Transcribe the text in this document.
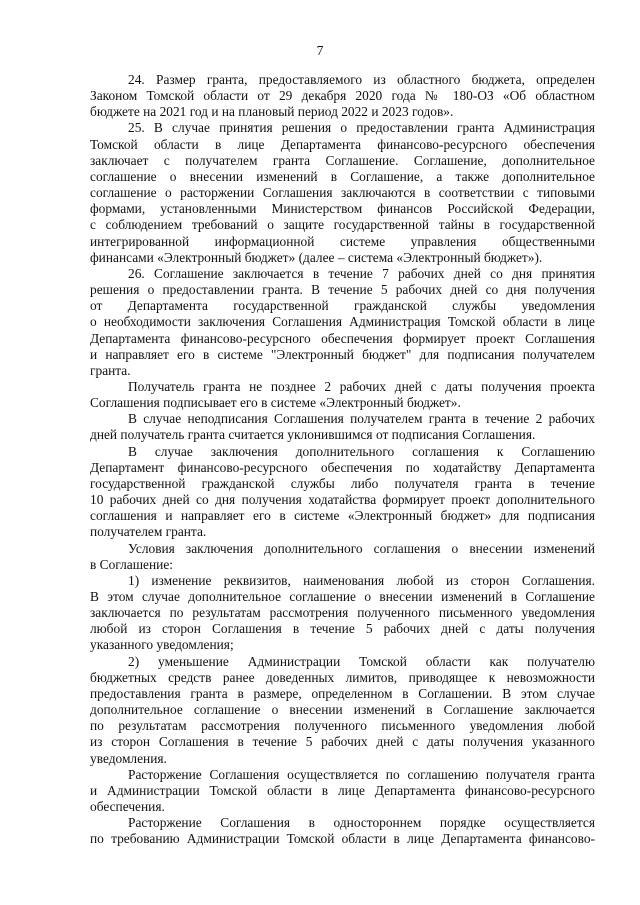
7
24. Размер гранта, предоставляемого из областного бюджета, определен
Законом Томской области от 29 декабря 2020 года № 180-ОЗ «Об областном
бюджете на 2021 год и на плановый период 2022 и 2023 годов».
25. В случае принятия решения о предоставлении гранта Администрация
Томской области в лице Департамента финансово-ресурсного обеспечения
заключает с получателем гранта Соглашение. Соглашение, дополнительное
соглашение о внесении изменений в Соглашение, а также дополнительное
соглашение о расторжении Соглашения заключаются в соответствии с типовыми
формами, установленными Министерством финансов Российской Федерации,
с соблюдением требований о защите государственной тайны в государственной
интегрированной информационной системе управления общественными
финансами «Электронный бюджет» (далее – система «Электронный бюджет»).
26. Соглашение заключается в течение 7 рабочих дней со дня принятия
решения о предоставлении гранта. В течение 5 рабочих дней со дня получения
от Департамента государственной гражданской службы уведомления
о необходимости заключения Соглашения Администрация Томской области в лице
Департамента финансово-ресурсного обеспечения формирует проект Соглашения
и направляет его в системе "Электронный бюджет" для подписания получателем
гранта.
Получатель гранта не позднее 2 рабочих дней с даты получения проекта
Соглашения подписывает его в системе «Электронный бюджет».
В случае неподписания Соглашения получателем гранта в течение 2 рабочих
дней получатель гранта считается уклонившимся от подписания Соглашения.
В случае заключения дополнительного соглашения к Соглашению
Департамент финансово-ресурсного обеспечения по ходатайству Департамента
государственной гражданской службы либо получателя гранта в течение
10 рабочих дней со дня получения ходатайства формирует проект дополнительного
соглашения и направляет его в системе «Электронный бюджет» для подписания
получателем гранта.
Условия заключения дополнительного соглашения о внесении изменений
в Соглашение:
1) изменение реквизитов, наименования любой из сторон Соглашения.
В этом случае дополнительное соглашение о внесении изменений в Соглашение
заключается по результатам рассмотрения полученного письменного уведомления
любой из сторон Соглашения в течение 5 рабочих дней с даты получения
указанного уведомления;
2) уменьшение Администрации Томской области как получателю
бюджетных средств ранее доведенных лимитов, приводящее к невозможности
предоставления гранта в размере, определенном в Соглашении. В этом случае
дополнительное соглашение о внесении изменений в Соглашение заключается
по результатам рассмотрения полученного письменного уведомления любой
из сторон Соглашения в течение 5 рабочих дней с даты получения указанного
уведомления.
Расторжение Соглашения осуществляется по соглашению получателя гранта
и Администрации Томской области в лице Департамента финансово-ресурсного
обеспечения.
Расторжение Соглашения в одностороннем порядке осуществляется
по требованию Администрации Томской области в лице Департамента финансово-
